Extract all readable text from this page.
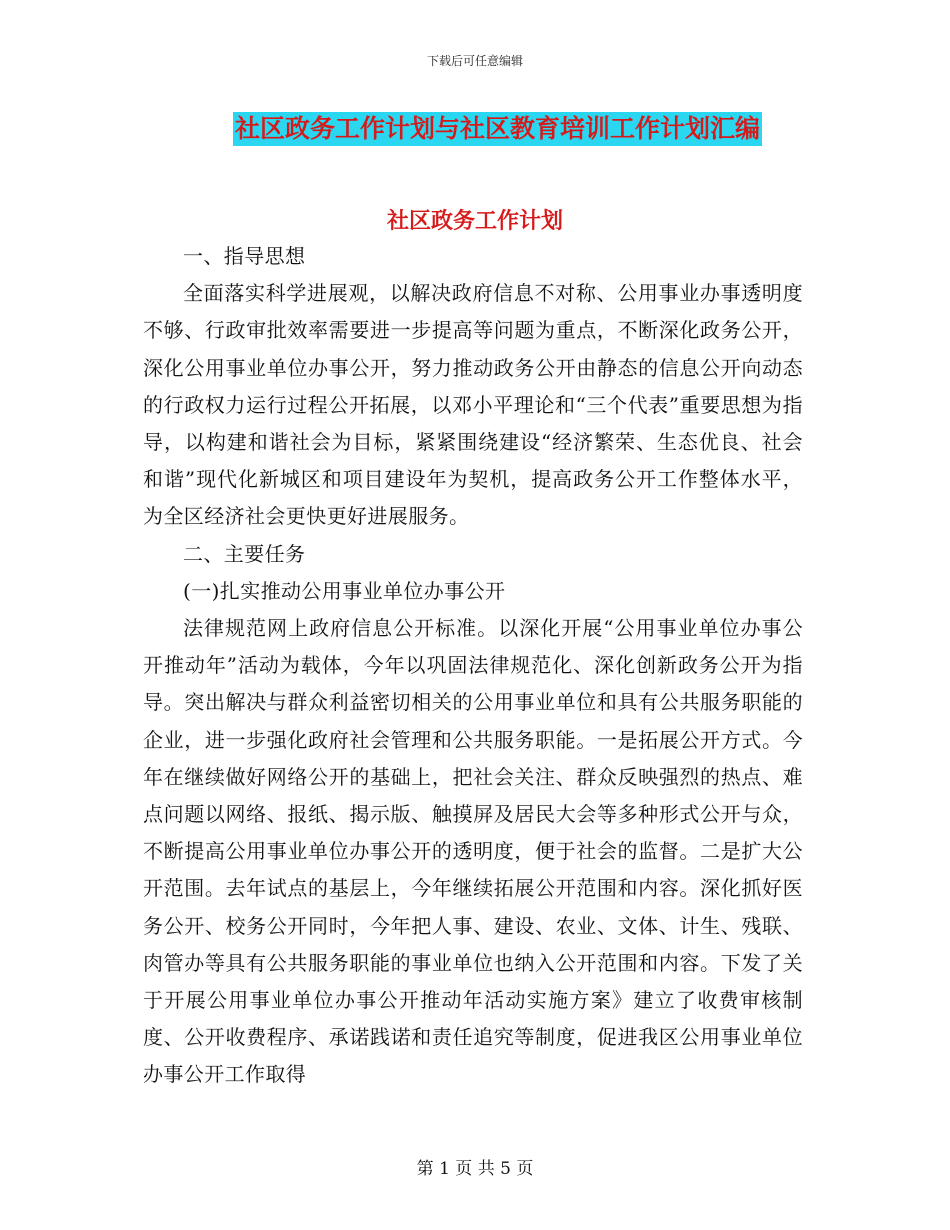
下载后可任意编辑
社区政务工作计划与社区教育培训工作计划汇编
社区政务工作计划

一、指导思想

全面落实科学进展观，以解决政府信息不对称、公用事业办事透明度不够、行政审批效率需要进一步提高等问题为重点，不断深化政务公开，深化公用事业单位办事公开，努力推动政务公开由静态的信息公开向动态的行政权力运行过程公开拓展，以邓小平理论和“三个代表”重要思想为指导，以构建和谐社会为目标，紧紧围绕建设“经济繁荣、生态优良、社会和谐”现代化新城区和项目建设年为契机，提高政务公开工作整体水平，为全区经济社会更快更好进展服务。

二、主要任务

(一)扎实推动公用事业单位办事公开

法律规范网上政府信息公开标准。以深化开展“公用事业单位办事公开推动年”活动为载体，今年以巩固法律规范化、深化创新政务公开为指导。突出解决与群众利益密切相关的公用事业单位和具有公共服务职能的企业，进一步强化政府社会管理和公共服务职能。一是拓展公开方式。今年在继续做好网络公开的基础上，把社会关注、群众反映强烈的热点、难点问题以网络、报纸、揭示版、触摸屏及居民大会等多种形式公开与众，不断提高公用事业单位办事公开的透明度，便于社会的监督。二是扩大公开范围。去年试点的基层上，今年继续拓展公开范围和内容。深化抓好医务公开、校务公开同时，今年把人事、建设、农业、文体、计生、残联、肉管办等具有公共服务职能的事业单位也纳入公开范围和内容。下发了关于开展公用事业单位办事公开推动年活动实施方案》建立了收费审核制度、公开收费程序、承诺践诺和责任追究等制度，促进我区公用事业单位办事公开工作取得

第 1 页 共 5 页
